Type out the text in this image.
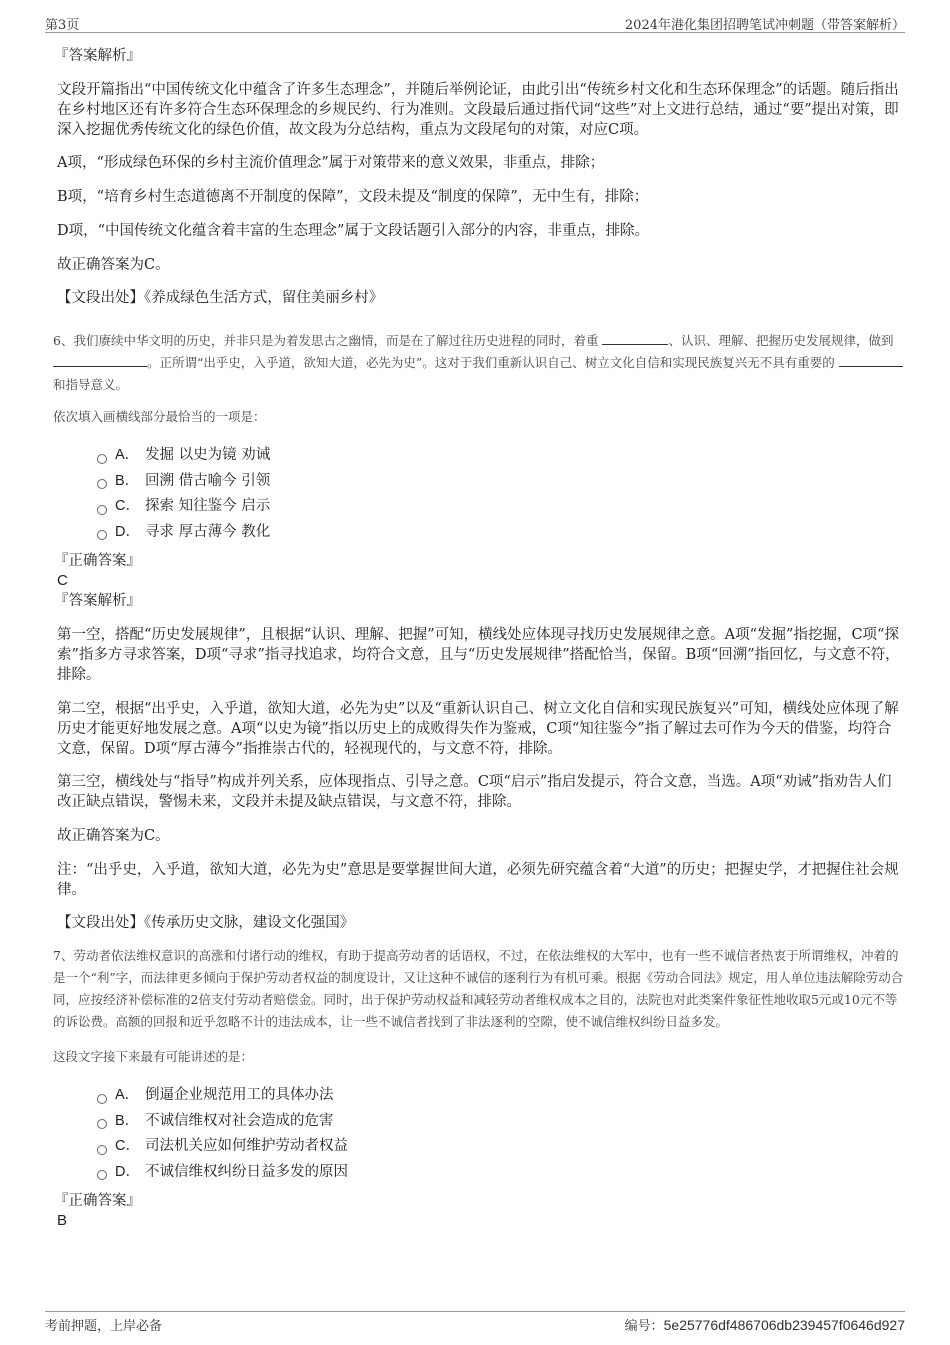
第3页	2024年港化集团招聘笔试冲刺题（带答案解析）
『答案解析』

文段开篇指出“中国传统文化中蕴含了许多生态理念”，并随后举例论证，由此引出“传统乡村文化和生态环保理念”的话题。随后指出在乡村地区还有许多符合生态环保理念的乡规民约、行为准则。文段最后通过指代词“这些”对上文进行总结，通过“要”提出对策，即深入挖掘优秀传统文化的绿色价值，故文段为分总结构，重点为文段尾句的对策，对应C项。

A项，“形成绿色环保的乡村主流价值理念”属于对策带来的意义效果，非重点，排除；

B项，“培育乡村生态道德离不开制度的保障”，文段未提及“制度的保障”，无中生有，排除；

D项，“中国传统文化蕴含着丰富的生态理念”属于文段话题引入部分的内容，非重点，排除。

故正确答案为C。

【文段出处】《养成绿色生活方式，留住美丽乡村》

6、我们赓续中华文明的历史，并非只是为着发思古之幽情，而是在了解过往历史进程的同时，着重	、认识、理解、把握历史发展规律，做到 。正所谓“出乎史，入乎道，欲知大道，必先为史”。这对于我们重新认识自己、树立文化自信和实现民族复兴无不具有重要的 和指导意义。

依次填入画横线部分最恰当的一项是：

A． 发掘 以史为镜 劝诫
B． 回溯 借古喻今 引领
C． 探索 知往鉴今 启示
D． 寻求 厚古薄今 教化
『正确答案』
C
『答案解析』

第一空，搭配“历史发展规律”，且根据“认识、理解、把握”可知，横线处应体现寻找历史发展规律之意。A项“发掘”指挖掘，C项“探索”指多方寻求答案，D项“寻求”指寻找追求，均符合文意，且与“历史发展规律”搭配恰当，保留。B项“回溯”指回忆，与文意不符，排除。

第二空，根据“出乎史，入乎道，欲知大道，必先为史”以及“重新认识自己、树立文化自信和实现民族复兴”可知，横线处应体现了解历史才能更好地发展之意。A项“以史为镜”指以历史上的成败得失作为鉴戒，C项“知往鉴今”指了解过去可作为今天的借鉴，均符合文意，保留。D项“厚古薄今”指推崇古代的，轻视现代的，与文意不符，排除。

第三空，横线处与“指导”构成并列关系，应体现指点、引导之意。C项“启示”指启发提示，符合文意，当选。A项“劝诫”指劝告人们改正缺点错误，警惕未来，文段并未提及缺点错误，与文意不符，排除。

故正确答案为C。

注：“出乎史，入乎道，欲知大道，必先为史”意思是要掌握世间大道，必须先研究蕴含着“大道”的历史；把握史学，才把握住社会规律。

【文段出处】《传承历史文脉，建设文化强国》

7、劳动者依法维权意识的高涨和付诸行动的维权，有助于提高劳动者的话语权，不过，在依法维权的大军中，也有一些不诚信者热衷于所谓维权，冲着的是一个“利”字，而法律更多倾向于保护劳动者权益的制度设计，又让这种不诚信的逐利行为有机可乘。根据《劳动合同法》规定，用人单位违法解除劳动合同，应按经济补偿标准的2倍支付劳动者赔偿金。同时，出于保护劳动权益和减轻劳动者维权成本之目的，法院也对此类案件象征性地收取5元或10元不等的诉讼费。高额的回报和近乎忽略不计的违法成本，让一些不诚信者找到了非法逐利的空隙，使不诚信维权纠纷日益多发。

这段文字接下来最有可能讲述的是：

A． 倒逼企业规范用工的具体办法
B． 不诚信维权对社会造成的危害
C． 司法机关应如何维护劳动者权益
D． 不诚信维权纠纷日益多发的原因
『正确答案』
B
考前押题，上岸必备	编号：5e25776df486706db239457f0646d927
